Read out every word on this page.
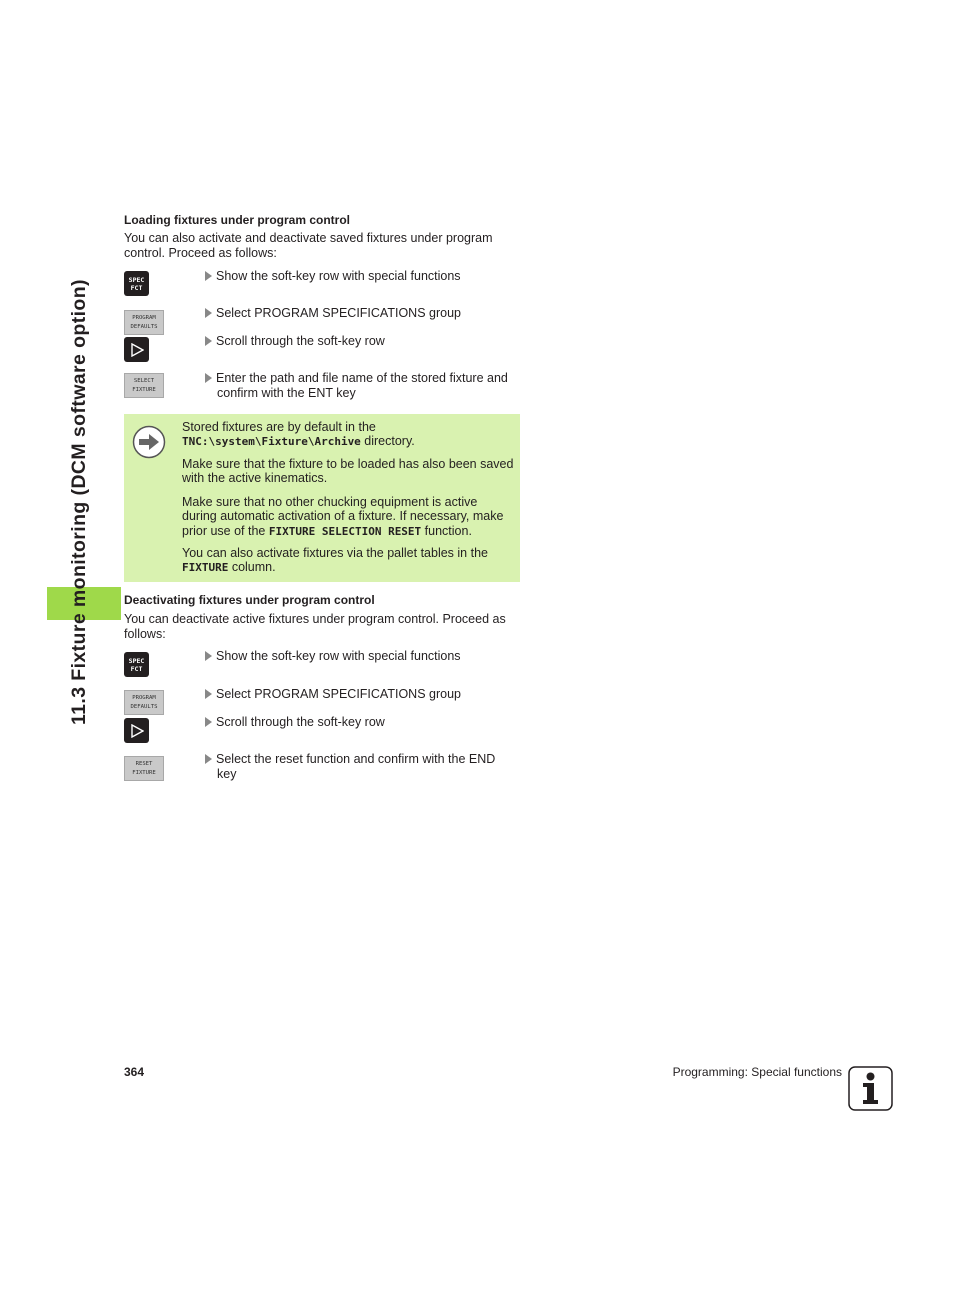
11.3 Fixture monitoring (DCM software option)
Loading fixtures under program control
You can also activate and deactivate saved fixtures under program control. Proceed as follows:
SPEC
FCT
Show the soft-key row with special functions
PROGRAM
DEFAULTS
Select PROGRAM SPECIFICATIONS group
Scroll through the soft-key row
SELECT
FIXTURE
Enter the path and file name of the stored fixture and
confirm with the ENT key
Stored fixtures are by default in the
TNC:\system\Fixture\Archive directory.
Make sure that the fixture to be loaded has also been saved with the active kinematics.
Make sure that no other chucking equipment is active during automatic activation of a fixture. If necessary, make prior use of the FIXTURE SELECTION RESET function.
You can also activate fixtures via the pallet tables in the FIXTURE column.
Deactivating fixtures under program control
You can deactivate active fixtures under program control. Proceed as follows:
SPEC
FCT
Show the soft-key row with special functions
PROGRAM
DEFAULTS
Select PROGRAM SPECIFICATIONS group
Scroll through the soft-key row
RESET
FIXTURE
Select the reset function and confirm with the END
key
364	Programming: Special functions
